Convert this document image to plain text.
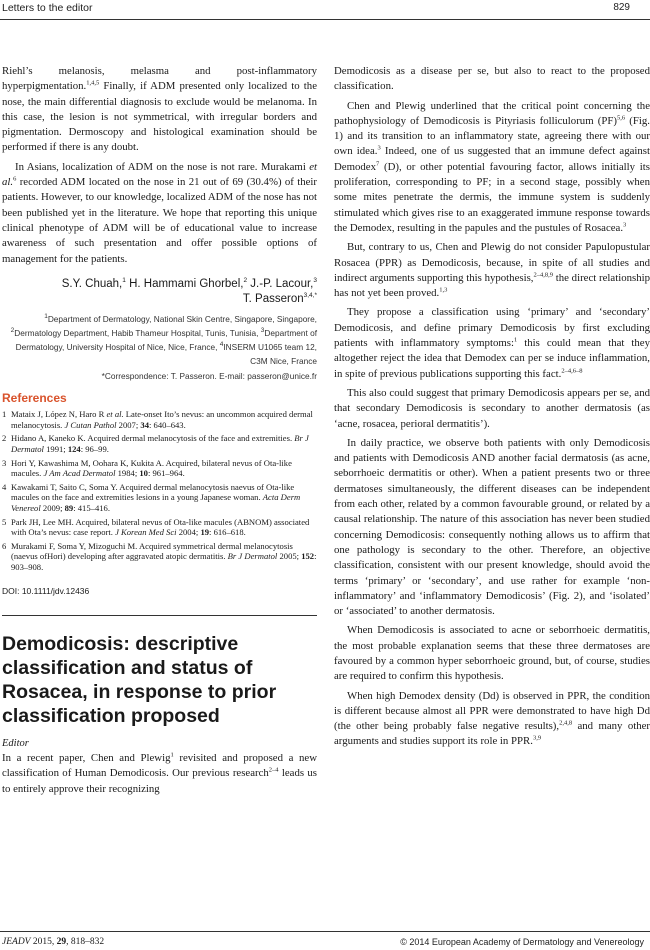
Letters to the editor	829

Riehl’s melanosis, melasma and post-inflammatory hyperpigmentation.$^{1,4,5}$ Finally, if ADM presented only localized to the nose, the main differential diagnosis to exclude would be melanoma. In this case, the lesion is not symmetrical, with irregular borders and pigmentation. Dermoscopy and histological examination should be performed if there is any doubt.

In Asians, localization of ADM on the nose is not rare. Murakami et al.$^6$ recorded ADM located on the nose in 21 out of 69 (30.4%) of their patients. However, to our knowledge, localized ADM of the nose has not been published yet in the literature. We hope that reporting this unique clinical phenotype of ADM will be of educational value to increase awareness of such presentation and offer possible options of management for the patients.

S.Y. Chuah,$^1$ H. Hammami Ghorbel,$^2$ J.-P. Lacour,$^3$
T. Passeron$^{3,4,*}$
$^1$Department of Dermatology, National Skin Centre, Singapore, Singapore, $^2$Dermatology Department, Habib Thameur Hospital, Tunis, Tunisia, $^3$Department of Dermatology, University Hospital of Nice, Nice, France, $^4$INSERM U1065 team 12, C3M Nice, France
*Correspondence: T. Passeron. E-mail: passeron@unice.fr
References
1 Mataix J, López N, Haro R et al. Late-onset Ito’s nevus: an uncommon acquired dermal melanocytosis. J Cutan Pathol 2007; 34: 640–643.
2 Hidano A, Kaneko K. Acquired dermal melanocytosis of the face and extremities. Br J Dermatol 1991; 124: 96–99.
3 Hori Y, Kawashima M, Oohara K, Kukita A. Acquired, bilateral nevus of Ota-like macules. J Am Acad Dermatol 1984; 10: 961–964.
4 Kawakami T, Saito C, Soma Y. Acquired dermal melanocytosis naevus of Ota-like macules on the face and extremities lesions in a young Japanese woman. Acta Derm Venereol 2009; 89: 415–416.
5 Park JH, Lee MH. Acquired, bilateral nevus of Ota-like macules (ABNOM) associated with Ota’s nevus: case report. J Korean Med Sci 2004; 19: 616–618.
6 Murakami F, Soma Y, Mizoguchi M. Acquired symmetrical dermal melanocytosis (naevus ofHori) developing after aggravated atopic dermatitis. Br J Dermatol 2005; 152: 903–908.
DOI: 10.1111/jdv.12436
Demodicosis: descriptive classification and status of Rosacea, in response to prior classification proposed
Editor

In a recent paper, Chen and Plewig$^1$ revisited and proposed a new classification of Human Demodicosis. Our previous research$^{2-4}$ leads us to entirely approve their recognizing

Demodicosis as a disease per se, but also to react to the proposed classification.

Chen and Plewig underlined that the critical point concerning the pathophysiology of Demodicosis is Pityriasis folliculorum (PF)$^{5,6}$ (Fig. 1) and its transition to an inflammatory state, agreeing there with our own idea.$^3$ Indeed, one of us suggested that an immune defect against Demodex$^7$ (D), or other potential favouring factor, allows initially its proliferation, corresponding to PF; in a second stage, possibly when some mites penetrate the dermis, the immune system is suddenly stimulated which gives rise to an exaggerated immune response towards the Demodex, resulting in the papules and the pustules of Rosacea.$^3$

But, contrary to us, Chen and Plewig do not consider Papulopustular Rosacea (PPR) as Demodicosis, because, in spite of all studies and indirect arguments supporting this hypothesis,$^{2-4,8,9}$ the direct relationship has not yet been proved.$^{1,3}$

They propose a classification using ‘primary’ and ‘secondary’ Demodicosis, and define primary Demodicosis by first excluding patients with inflammatory symptoms:$^1$ this could mean that they altogether reject the idea that Demodex can per se induce inflammation, in spite of previous publications supporting this fact.$^{2-4,6-8}$

This also could suggest that primary Demodicosis appears per se, and that secondary Demodicosis is secondary to another dermatosis (as ‘acne, rosacea, perioral dermatitis’).

In daily practice, we observe both patients with only Demodicosis and patients with Demodicosis AND another facial dermatosis (as acne, seborrhoeic dermatitis or other). When a patient presents two or three dermatoses simultaneously, the different diseases can be independent from each other, related by a common favourable ground, or related by a causal relationship. The nature of this association has never been studied concerning Demodicosis: consequently nothing allows us to affirm that one pathology is secondary to the other. Therefore, an objective classification, consistent with our present knowledge, should avoid the terms ‘primary’ or ‘secondary’, and use rather for example ‘non-inflammatory’ and ‘inflammatory Demodicosis’ (Fig. 2), and ‘isolated’ or ‘associated’ to another dermatosis.

When Demodicosis is associated to acne or seborrhoeic dermatitis, the most probable explanation seems that these three dermatoses are favoured by a common hyper seborrhoeic ground, but, of course, studies are required to confirm this hypothesis.

When high Demodex density (Dd) is observed in PPR, the condition is different because almost all PPR were demonstrated to have high Dd (the other being probably false negative results),$^{2,4,8}$ and many other arguments and studies support its role in PPR.$^{3,9}$

JEADV 2015, 29, 818–832	© 2014 European Academy of Dermatology and Venereology
